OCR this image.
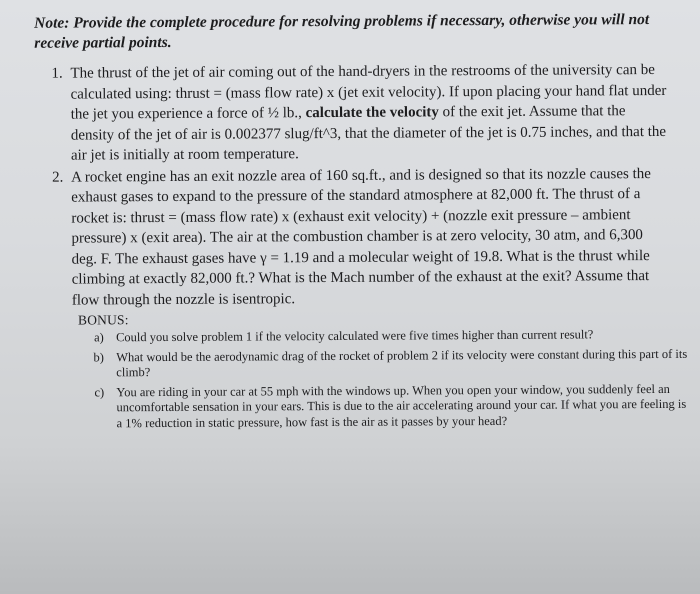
Note: Provide the complete procedure for resolving problems if necessary, otherwise you will not receive partial points.

1. The thrust of the jet of air coming out of the hand-dryers in the restrooms of the university can be calculated using: thrust = (mass flow rate) x (jet exit velocity). If upon placing your hand flat under the jet you experience a force of ½ lb., calculate the velocity of the exit jet. Assume that the density of the jet of air is 0.002377 slug/ft^3, that the diameter of the jet is 0.75 inches, and that the air jet is initially at room temperature.
2. A rocket engine has an exit nozzle area of 160 sq.ft., and is designed so that its nozzle causes the exhaust gases to expand to the pressure of the standard atmosphere at 82,000 ft. The thrust of a rocket is: thrust = (mass flow rate) x (exhaust exit velocity) + (nozzle exit pressure – ambient pressure) x (exit area). The air at the combustion chamber is at zero velocity, 30 atm, and 6,300 deg. F. The exhaust gases have γ = 1.19 and a molecular weight of 19.8. What is the thrust while climbing at exactly 82,000 ft.? What is the Mach number of the exhaust at the exit? Assume that flow through the nozzle is isentropic.
BONUS:
a. Could you solve problem 1 if the velocity calculated were five times higher than current result?
b. What would be the aerodynamic drag of the rocket of problem 2 if its velocity were constant during this part of its climb?
c. You are riding in your car at 55 mph with the windows up. When you open your window, you suddenly feel an uncomfortable sensation in your ears. This is due to the air accelerating around your car. If what you are feeling is a 1% reduction in static pressure, how fast is the air as it passes by your head?
